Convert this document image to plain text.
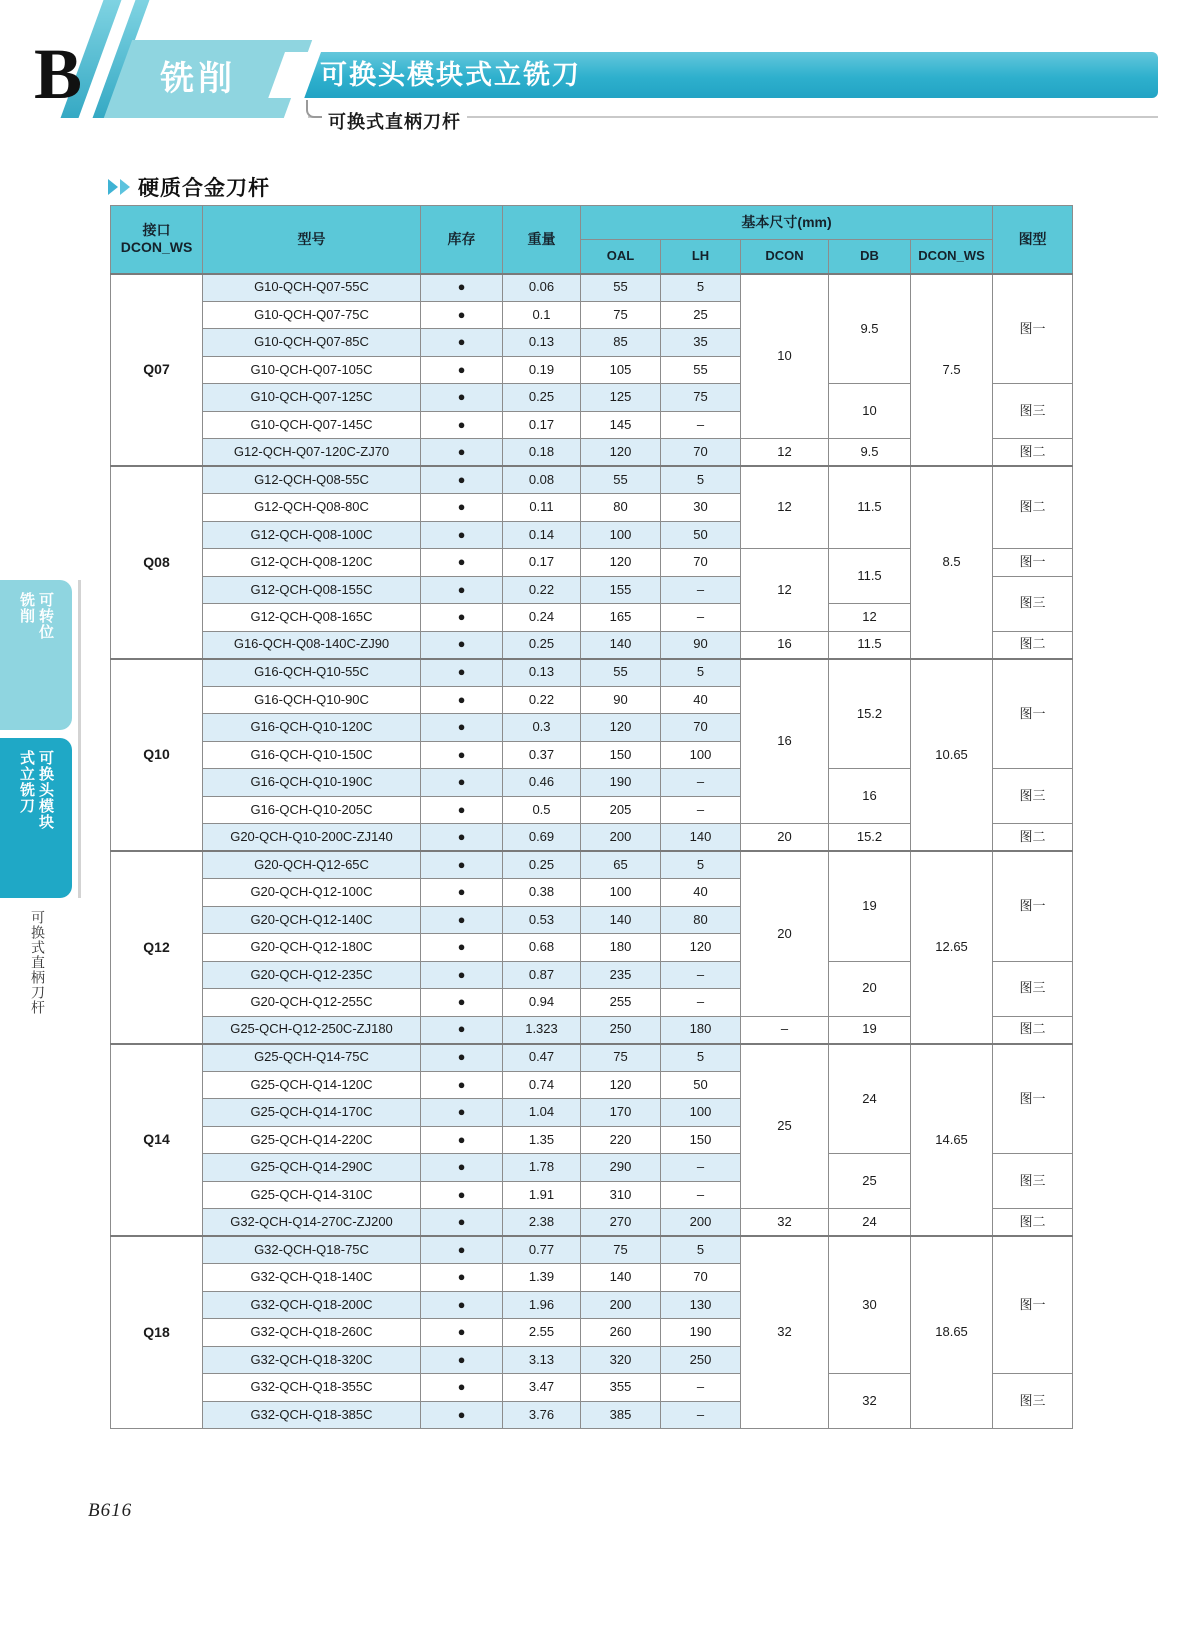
B 铣削	可换头模块式立铣刀
可换式直柄刀杆
硬质合金刀杆
可转位
铣削
可换头模块
式立铣刀
可换式直柄刀杆
接口
DCON_WS	型号	库存	重量	基本尺寸(mm)					图型
				OAL	LH	DCON	DB	DCON_WS	
Q07	G10-QCH-Q07-55C	●	0.06	55	5	10	9.5	7.5	图一
	G10-QCH-Q07-75C	●	0.1	75	25				
	G10-QCH-Q07-85C	●	0.13	85	35				
	G10-QCH-Q07-105C	●	0.19	105	55				
	G10-QCH-Q07-125C	●	0.25	125	75		10		图三
	G10-QCH-Q07-145C	●	0.17	145	–				
	G12-QCH-Q07-120C-ZJ70	●	0.18	120	70	12	9.5		图二
Q08	G12-QCH-Q08-55C	●	0.08	55	5	12	11.5	8.5	图二
	G12-QCH-Q08-80C	●	0.11	80	30				
	G12-QCH-Q08-100C	●	0.14	100	50				
	G12-QCH-Q08-120C	●	0.17	120	70	12	11.5		图一
	G12-QCH-Q08-155C	●	0.22	155	–				图三
	G12-QCH-Q08-165C	●	0.24	165	–		12		
	G16-QCH-Q08-140C-ZJ90	●	0.25	140	90	16	11.5		图二
Q10	G16-QCH-Q10-55C	●	0.13	55	5	16	15.2	10.65	图一
	G16-QCH-Q10-90C	●	0.22	90	40				
	G16-QCH-Q10-120C	●	0.3	120	70				
	G16-QCH-Q10-150C	●	0.37	150	100				
	G16-QCH-Q10-190C	●	0.46	190	–		16		图三
	G16-QCH-Q10-205C	●	0.5	205	–				
	G20-QCH-Q10-200C-ZJ140	●	0.69	200	140	20	15.2		图二
Q12	G20-QCH-Q12-65C	●	0.25	65	5	20	19	12.65	图一
	G20-QCH-Q12-100C	●	0.38	100	40				
	G20-QCH-Q12-140C	●	0.53	140	80				
	G20-QCH-Q12-180C	●	0.68	180	120				
	G20-QCH-Q12-235C	●	0.87	235	–		20		图三
	G20-QCH-Q12-255C	●	0.94	255	–				
	G25-QCH-Q12-250C-ZJ180	●	1.323	250	180	–	19		图二
Q14	G25-QCH-Q14-75C	●	0.47	75	5	25	24	14.65	图一
	G25-QCH-Q14-120C	●	0.74	120	50				
	G25-QCH-Q14-170C	●	1.04	170	100				
	G25-QCH-Q14-220C	●	1.35	220	150				
	G25-QCH-Q14-290C	●	1.78	290	–		25		图三
	G25-QCH-Q14-310C	●	1.91	310	–				
	G32-QCH-Q14-270C-ZJ200	●	2.38	270	200	32	24		图二
Q18	G32-QCH-Q18-75C	●	0.77	75	5	32	30	18.65	图一
	G32-QCH-Q18-140C	●	1.39	140	70				
	G32-QCH-Q18-200C	●	1.96	200	130				
	G32-QCH-Q18-260C	●	2.55	260	190				
	G32-QCH-Q18-320C	●	3.13	320	250				
	G32-QCH-Q18-355C	●	3.47	355	–		32		图三
	G32-QCH-Q18-385C	●	3.76	385	–				
B616
